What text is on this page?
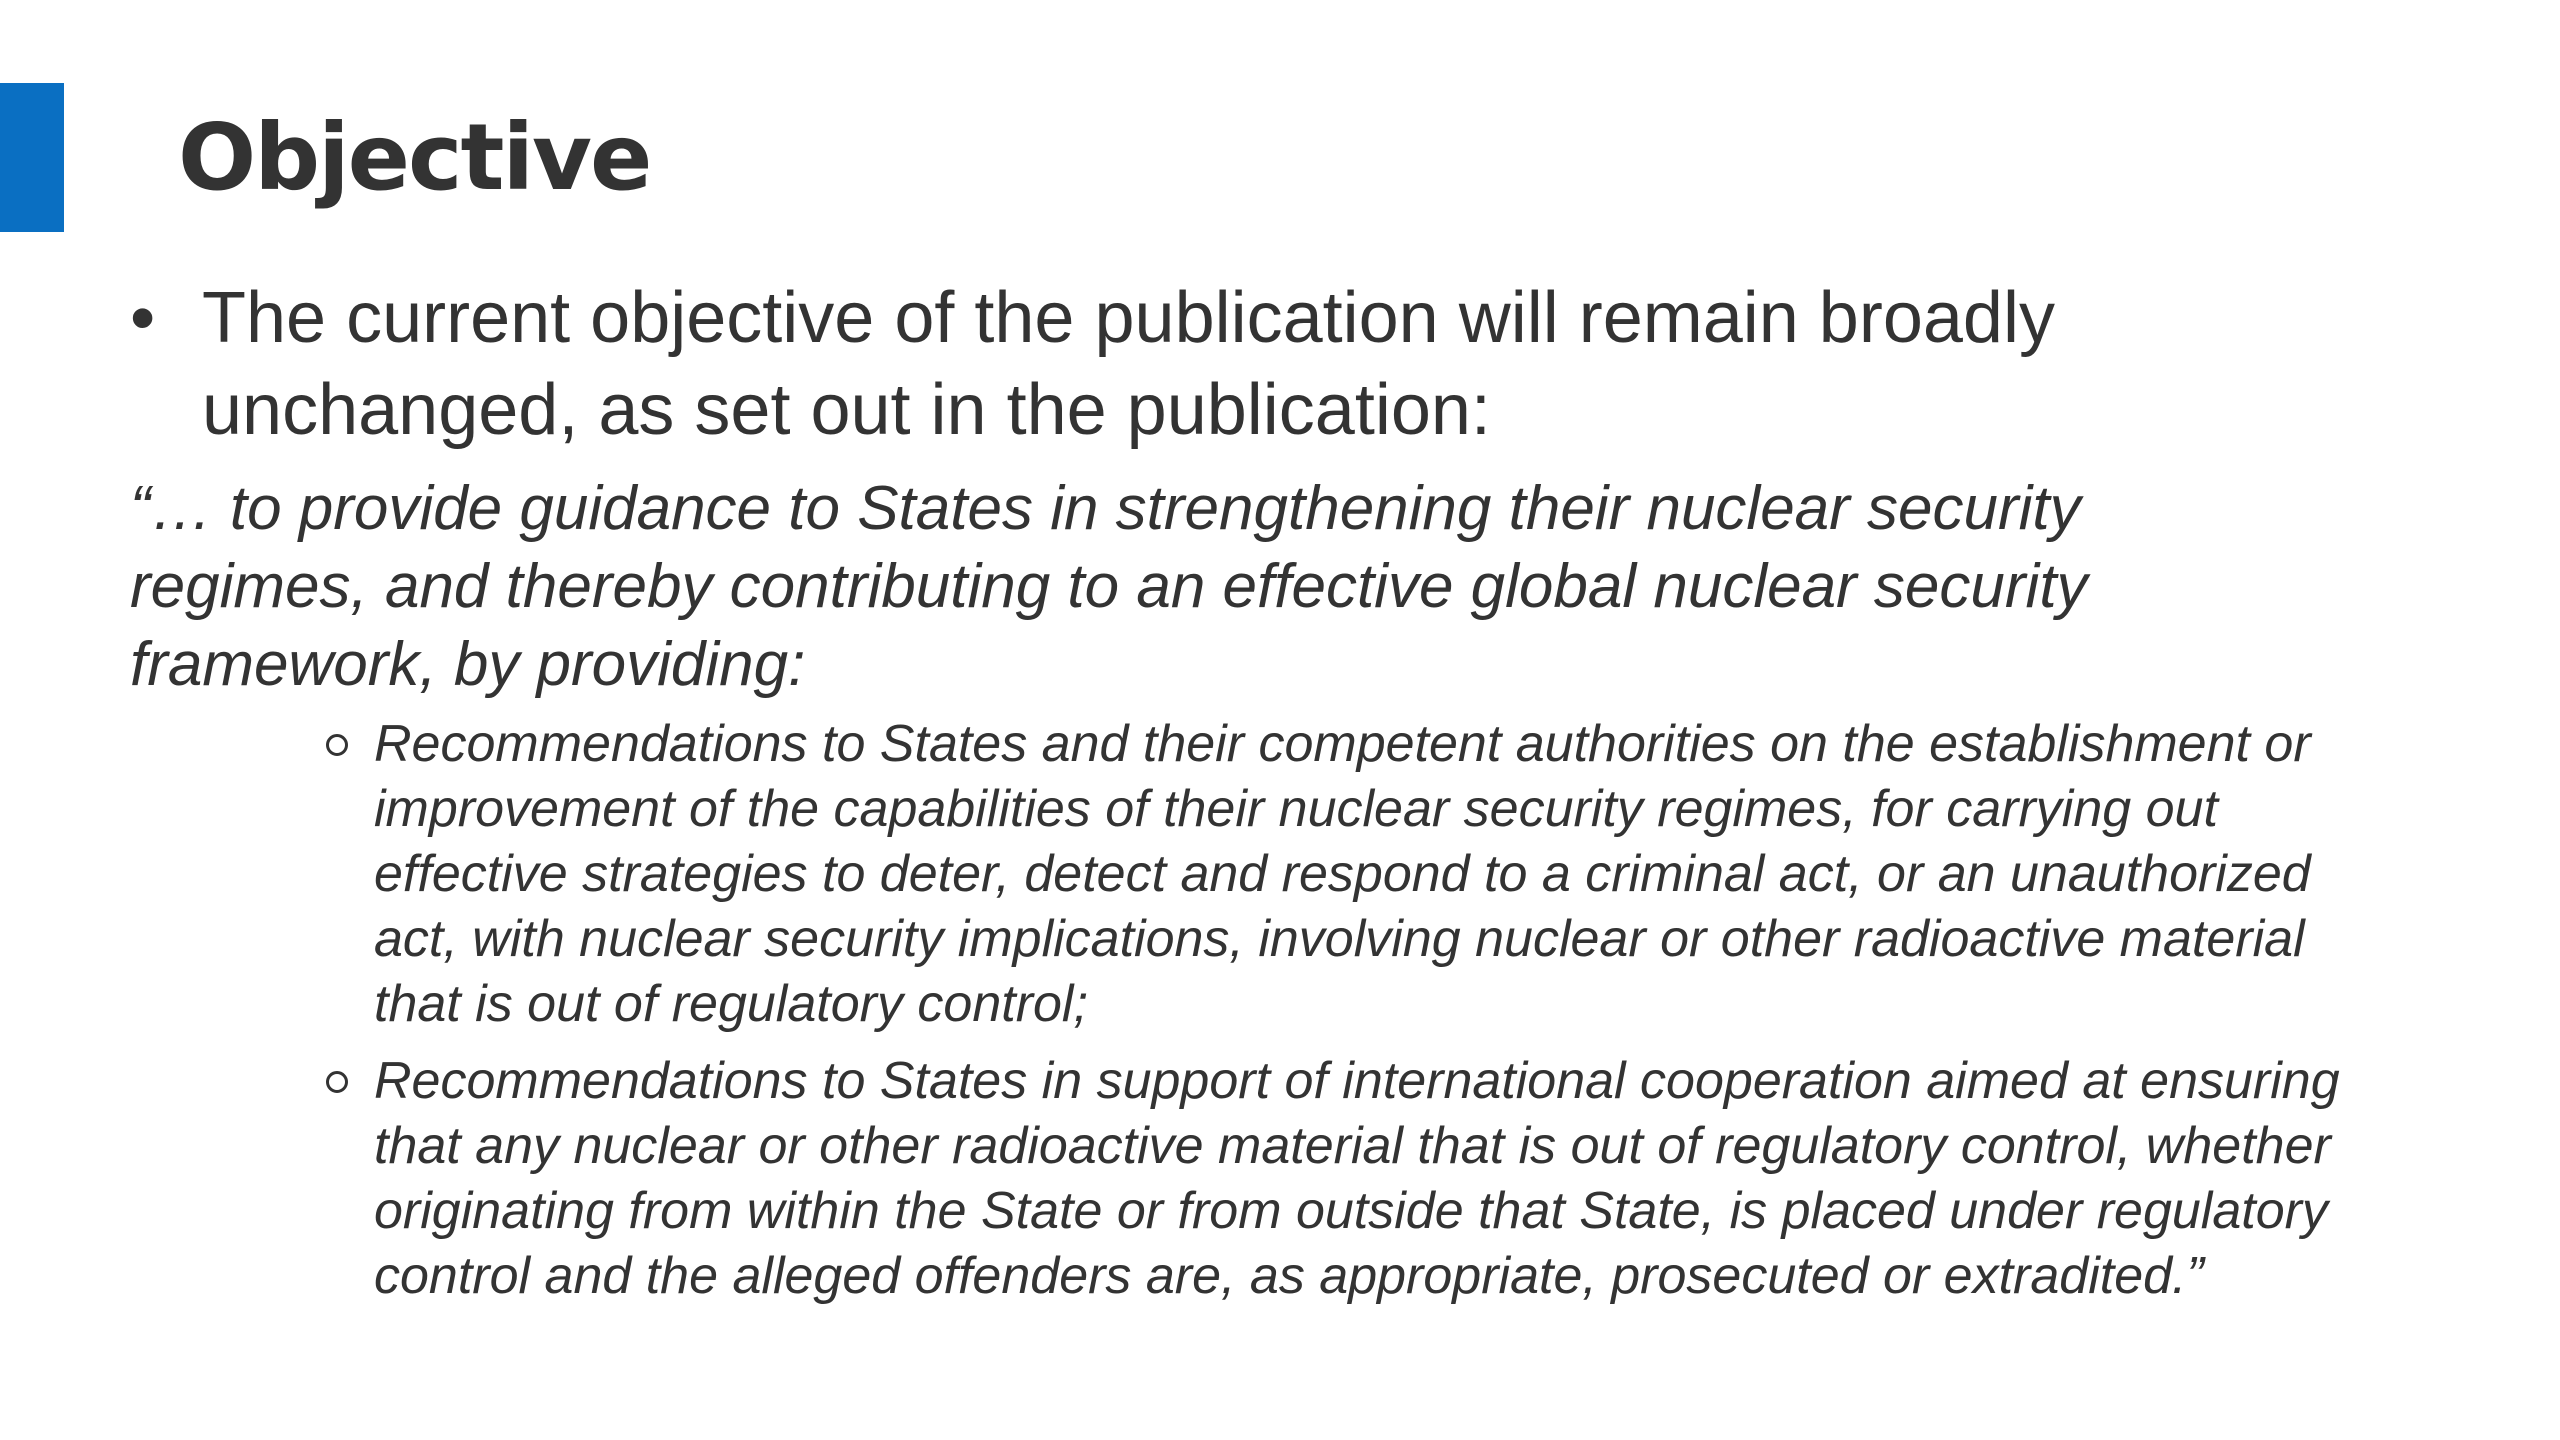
Objective
• The current objective of the publication will remain broadly unchanged, as set out in the publication:
“… to provide guidance to States in strengthening their nuclear security regimes, and thereby contributing to an effective global nuclear security framework, by providing:
Recommendations to States and their competent authorities on the establishment or improvement of the capabilities of their nuclear security regimes, for carrying out effective strategies to deter, detect and respond to a criminal act, or an unauthorized act, with nuclear security implications, involving nuclear or other radioactive material that is out of regulatory control;
Recommendations to States in support of international cooperation aimed at ensuring that any nuclear or other radioactive material that is out of regulatory control, whether originating from within the State or from outside that State, is placed under regulatory control and the alleged offenders are, as appropriate, prosecuted or extradited.”
